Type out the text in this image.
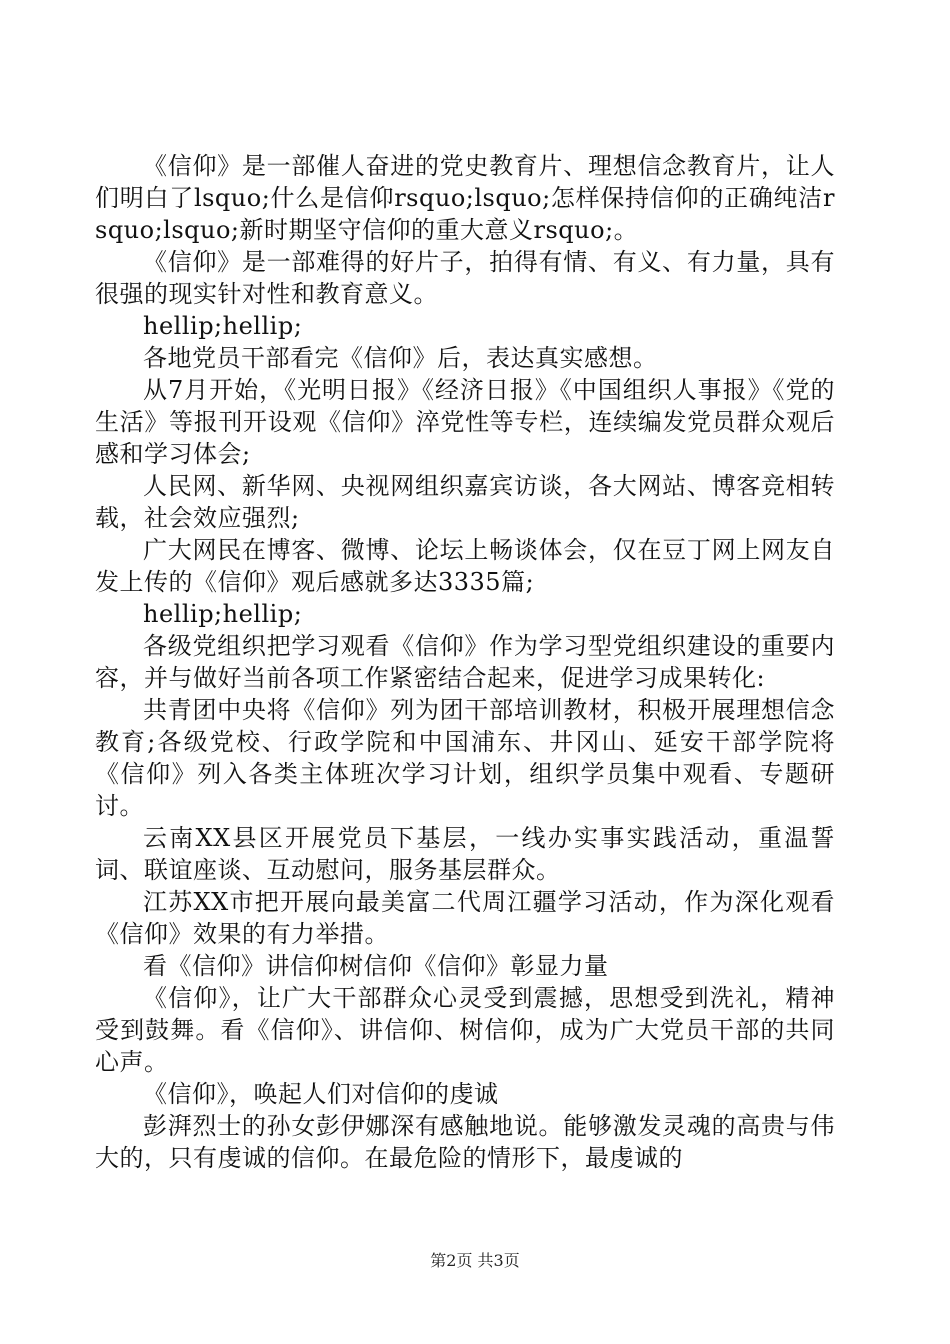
《信仰》是一部催人奋进的党史教育片、理想信念教育片，让人们明白了lsquo;什么是信仰rsquo;lsquo;怎样保持信仰的正确纯洁rsquo;lsquo;新时期坚守信仰的重大意义rsquo;。

《信仰》是一部难得的好片子，拍得有情、有义、有力量，具有很强的现实针对性和教育意义。

hellip;hellip;

各地党员干部看完《信仰》后，表达真实感想。

从7月开始，《光明日报》《经济日报》《中国组织人事报》《党的生活》等报刊开设观《信仰》淬党性等专栏，连续编发党员群众观后感和学习体会;

人民网、新华网、央视网组织嘉宾访谈，各大网站、博客竞相转载，社会效应强烈;

广大网民在博客、微博、论坛上畅谈体会，仅在豆丁网上网友自发上传的《信仰》观后感就多达3335篇;

hellip;hellip;

各级党组织把学习观看《信仰》作为学习型党组织建设的重要内容，并与做好当前各项工作紧密结合起来，促进学习成果转化:

共青团中央将《信仰》列为团干部培训教材，积极开展理想信念教育;各级党校、行政学院和中国浦东、井冈山、延安干部学院将《信仰》列入各类主体班次学习计划，组织学员集中观看、专题研讨。

云南XX县区开展党员下基层，一线办实事实践活动，重温誓词、联谊座谈、互动慰问，服务基层群众。

江苏XX市把开展向最美富二代周江疆学习活动，作为深化观看《信仰》效果的有力举措。

看《信仰》讲信仰树信仰《信仰》彰显力量

《信仰》，让广大干部群众心灵受到震撼，思想受到洗礼，精神受到鼓舞。看《信仰》、讲信仰、树信仰，成为广大党员干部的共同心声。

《信仰》，唤起人们对信仰的虔诚

彭湃烈士的孙女彭伊娜深有感触地说。能够激发灵魂的高贵与伟大的，只有虔诚的信仰。在最危险的情形下，最虔诚的

第2页 共3页
